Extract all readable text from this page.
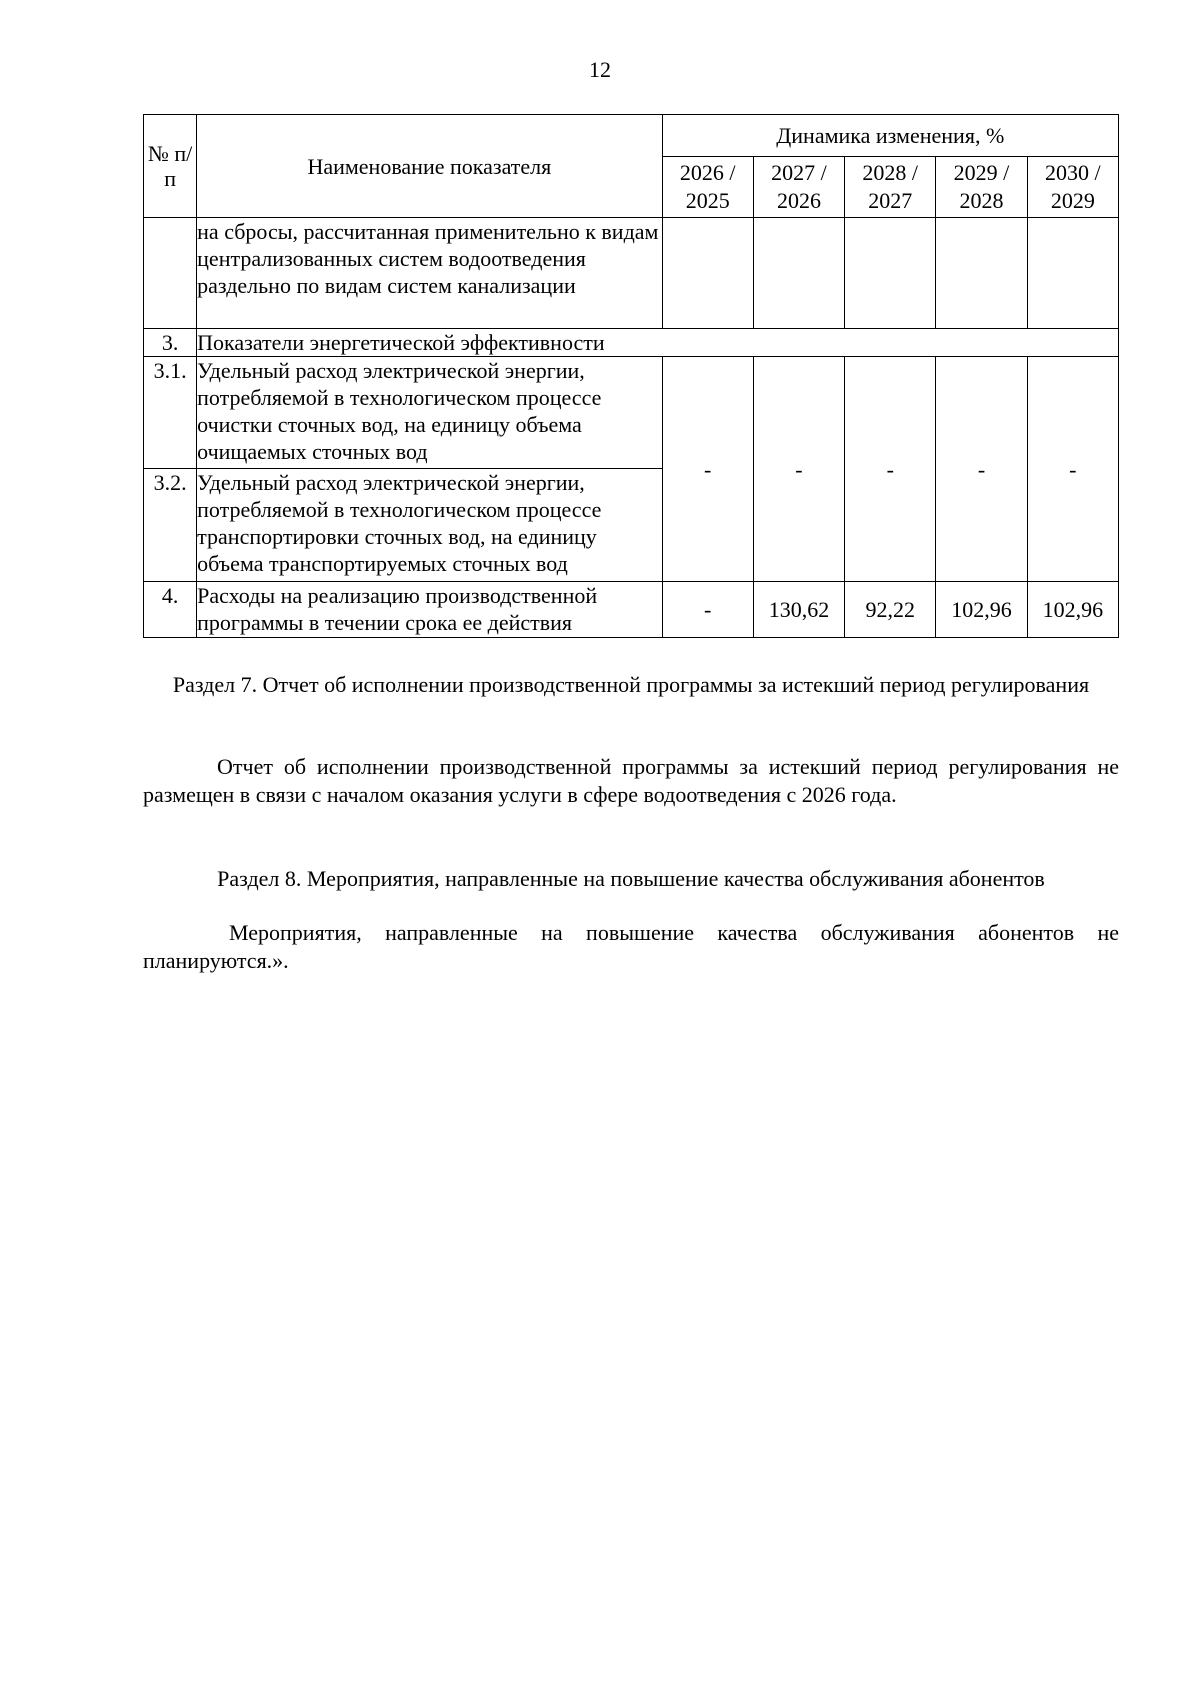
12
№ п/п	Наименование показателя	Динамика изменения, %				
		2026 / 2025	2027 / 2026	2028 / 2027	2029 / 2028	2030 / 2029
	на сбросы, рассчитанная применительно к видам централизованных систем водоотведения раздельно по видам систем канализации					
3.	Показатели энергетической эффективности					
3.1.	Удельный расход электрической энергии, потребляемой в технологическом процессе очистки сточных вод, на единицу объема очищаемых сточных вод	-	-	-	-	-
3.2.	Удельный расход электрической энергии, потребляемой в технологическом процессе транспортировки сточных вод, на единицу объема транспортируемых сточных вод					
4.	Расходы на реализацию производственной программы в течении срока ее действия	-	130,62	92,22	102,96	102,96
Раздел 7. Отчет об исполнении производственной программы за истекший период регулирования
Отчет об исполнении производственной программы за истекший период регулирования не размещен в связи с началом оказания услуги в сфере водоотведения с 2026 года.
Раздел 8. Мероприятия, направленные на повышение качества обслуживания абонентов
Мероприятия, направленные на повышение качества обслуживания абонентов не планируются.».
